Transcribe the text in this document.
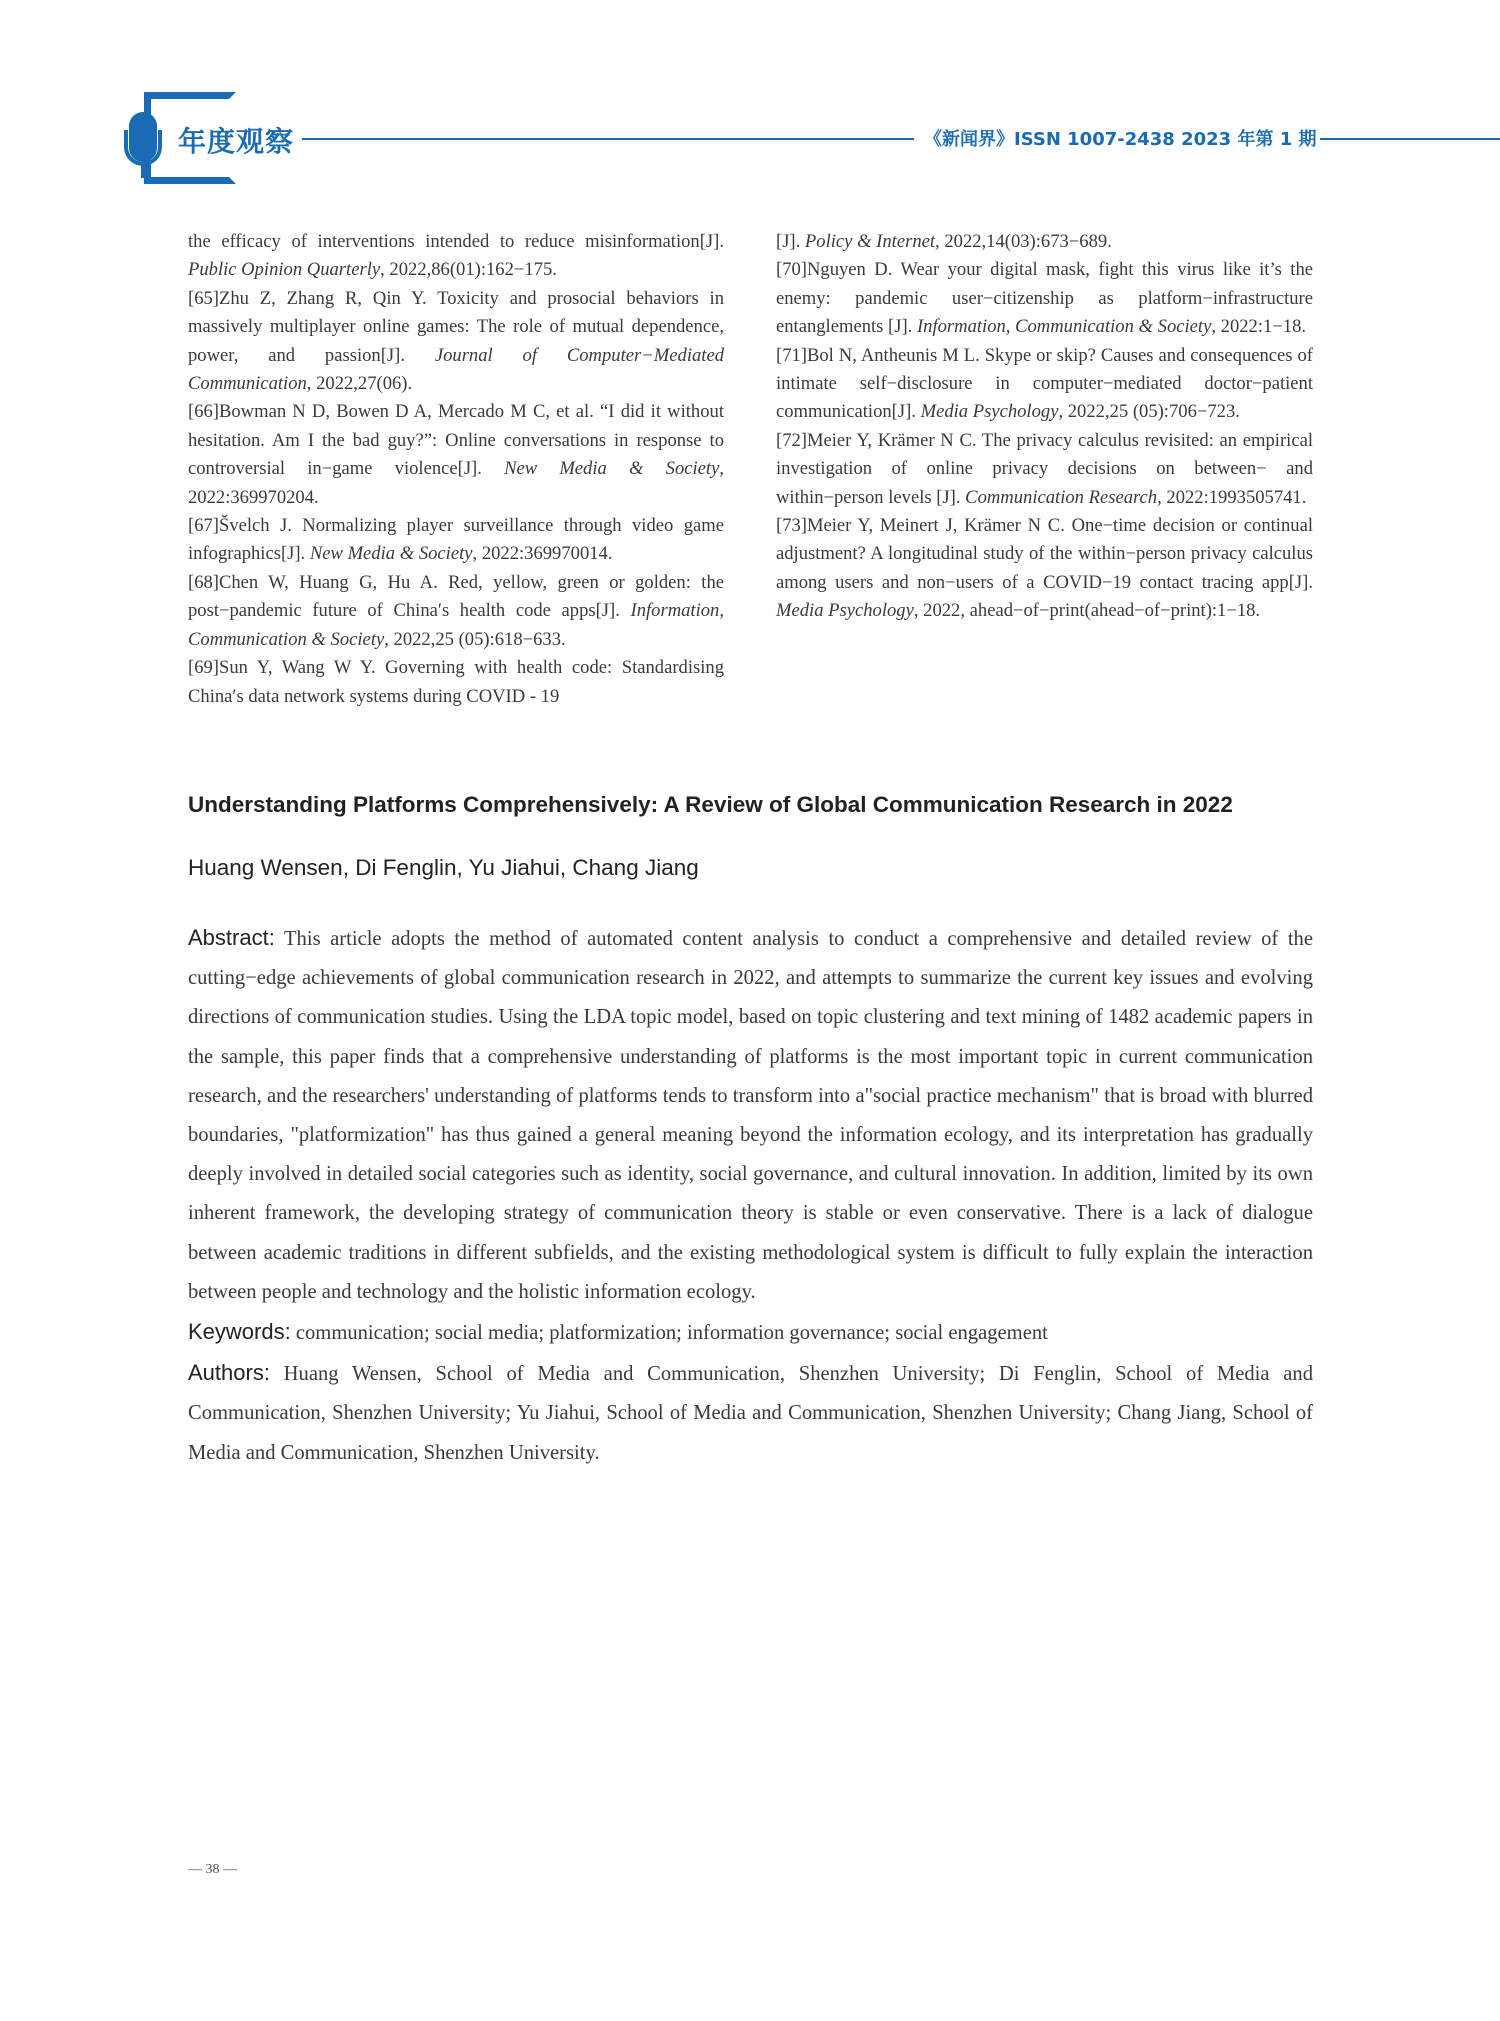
年度观察	《新闻界》ISSN 1007-2438 2023 年第 1 期

the efficacy of interventions intended to reduce misinformation[J]. Public Opinion Quarterly, 2022,86(01):162−175.

[65]Zhu Z, Zhang R, Qin Y. Toxicity and prosocial behaviors in massively multiplayer online games: The role of mutual dependence, power, and passion[J]. Journal of Computer−Mediated Communication, 2022,27(06).

[66]Bowman N D, Bowen D A, Mercado M C, et al. “I did it without hesitation. Am I the bad guy?”: Online conversations in response to controversial in−game violence[J]. New Media & Society, 2022:369970204.

[67]Švelch J. Normalizing player surveillance through video game infographics[J]. New Media & Society, 2022:369970014.

[68]Chen W, Huang G, Hu A. Red, yellow, green or golden: the post−pandemic future of China′s health code apps[J]. Information, Communication & Society, 2022,25 (05):618−633.

[69]Sun Y, Wang W Y. Governing with health code: Standardising China′s data network systems during COVID - 19

[J]. Policy & Internet, 2022,14(03):673−689.

[70]Nguyen D. Wear your digital mask, fight this virus like it’s the enemy: pandemic user−citizenship as platform−infrastructure entanglements [J]. Information, Communication & Society, 2022:1−18.

[71]Bol N, Antheunis M L. Skype or skip? Causes and consequences of intimate self−disclosure in computer−mediated doctor−patient communication[J]. Media Psychology, 2022,25 (05):706−723.

[72]Meier Y, Krämer N C. The privacy calculus revisited: an empirical investigation of online privacy decisions on between− and within−person levels [J]. Communication Research, 2022:1993505741.

[73]Meier Y, Meinert J, Krämer N C. One−time decision or continual adjustment? A longitudinal study of the within−person privacy calculus among users and non−users of a COVID−19 contact tracing app[J]. Media Psychology, 2022, ahead−of−print(ahead−of−print):1−18.

Understanding Platforms Comprehensively: A Review of Global Communication Research in 2022
Huang Wensen, Di Fenglin, Yu Jiahui, Chang Jiang

Abstract: This article adopts the method of automated content analysis to conduct a comprehensive and detailed review of the cutting−edge achievements of global communication research in 2022, and attempts to summarize the current key issues and evolving directions of communication studies. Using the LDA topic model, based on topic clustering and text mining of 1482 academic papers in the sample, this paper finds that a comprehensive understanding of platforms is the most important topic in current communication research, and the researchers' understanding of platforms tends to transform into a"social practice mechanism" that is broad with blurred boundaries, "platformization" has thus gained a general meaning beyond the information ecology, and its interpretation has gradually deeply involved in detailed social categories such as identity, social governance, and cultural innovation. In addition, limited by its own inherent framework, the developing strategy of communication theory is stable or even conservative. There is a lack of dialogue between academic traditions in different subfields, and the existing methodological system is difficult to fully explain the interaction between people and technology and the holistic information ecology.

Keywords: communication; social media; platformization; information governance; social engagement

Authors: Huang Wensen, School of Media and Communication, Shenzhen University; Di Fenglin, School of Media and Communication, Shenzhen University; Yu Jiahui, School of Media and Communication, Shenzhen University; Chang Jiang, School of Media and Communication, Shenzhen University.

— 38 —
